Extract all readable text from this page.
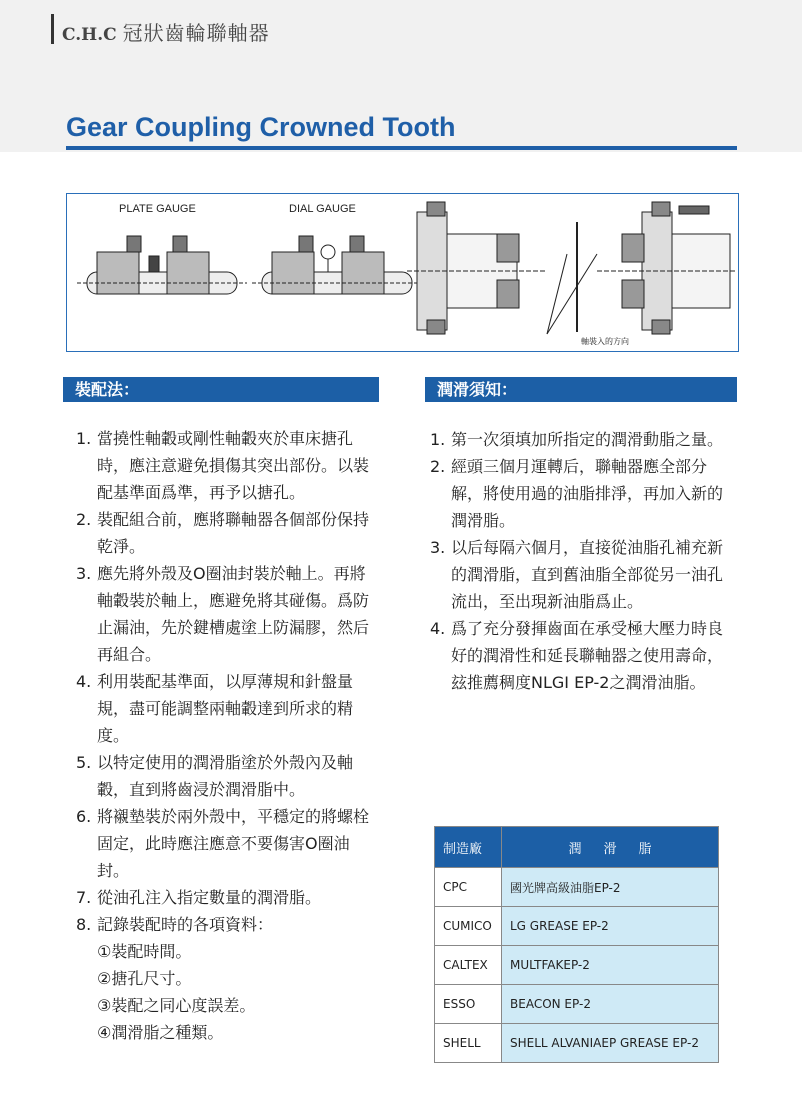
C.H.C 冠狀齒輪聯軸器
Gear Coupling Crowned Tooth
PLATE GAUGE	DIAL GAUGE
軸裝入的方向
裝配法：	潤滑須知：
1. 當撓性軸轂或剛性軸轂夾於車床搪孔時，應注意避免損傷其突出部份。以裝配基準面爲準，再予以搪孔。
2. 裝配組合前，應將聯軸器各個部份保持乾淨。
3. 應先將外殼及O圈油封裝於軸上。再將軸轂裝於軸上，應避免將其碰傷。爲防止漏油，先於鍵槽處塗上防漏膠，然后再組合。
4. 利用裝配基準面，以厚薄規和針盤量規，盡可能調整兩軸轂達到所求的精度。
5. 以特定使用的潤滑脂塗於外殼內及軸轂，直到將齒浸於潤滑脂中。
6. 將襯墊裝於兩外殼中，平穩定的將螺栓固定，此時應注應意不要傷害O圈油封。
7. 從油孔注入指定數量的潤滑脂。
8. 記錄裝配時的各項資料：
①裝配時間。
②搪孔尺寸。
③裝配之同心度誤差。
④潤滑脂之種類。
1. 第一次須填加所指定的潤滑動脂之量。
2. 經頭三個月運轉后，聯軸器應全部分解，將使用過的油脂排淨，再加入新的潤滑脂。
3. 以后每隔六個月，直接從油脂孔補充新的潤滑脂，直到舊油脂全部從另一油孔流出，至出現新油脂爲止。
4. 爲了充分發揮齒面在承受極大壓力時良好的潤滑性和延長聯軸器之使用壽命，玆推薦稠度NLGI EP-2之潤滑油脂。
制造廠	潤滑脂
CPC	國光牌高級油脂EP-2
CUMICO	LG GREASE EP-2
CALTEX	MULTFAKEP-2
ESSO	BEACON EP-2
SHELL	SHELL ALVANIAEP GREASE EP-2
